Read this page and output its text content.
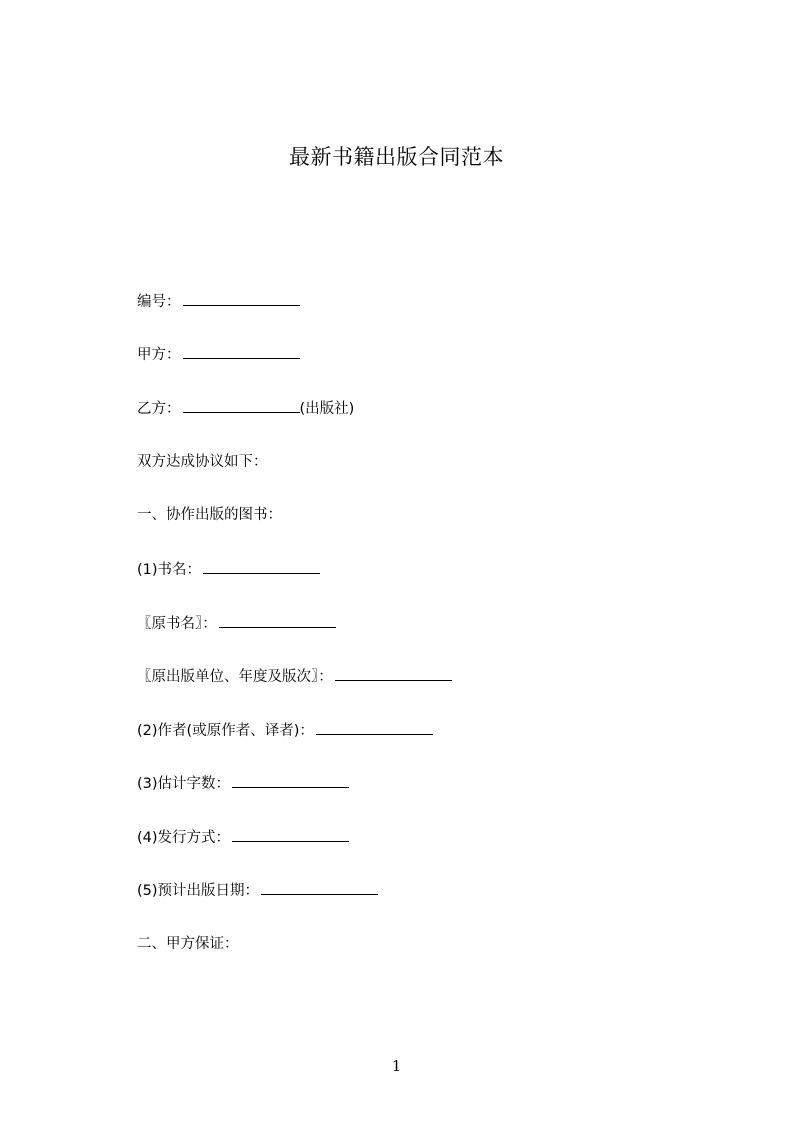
最新书籍出版合同范本
编号：
甲方：
乙方：	(出版社)
双方达成协议如下：
一、协作出版的图书：
(1)书名：
〖原书名〗：
〖原出版单位、年度及版次〗：
(2)作者(或原作者、译者)：
(3)估计字数：
(4)发行方式：
(5)预计出版日期：
二、甲方保证：
1
